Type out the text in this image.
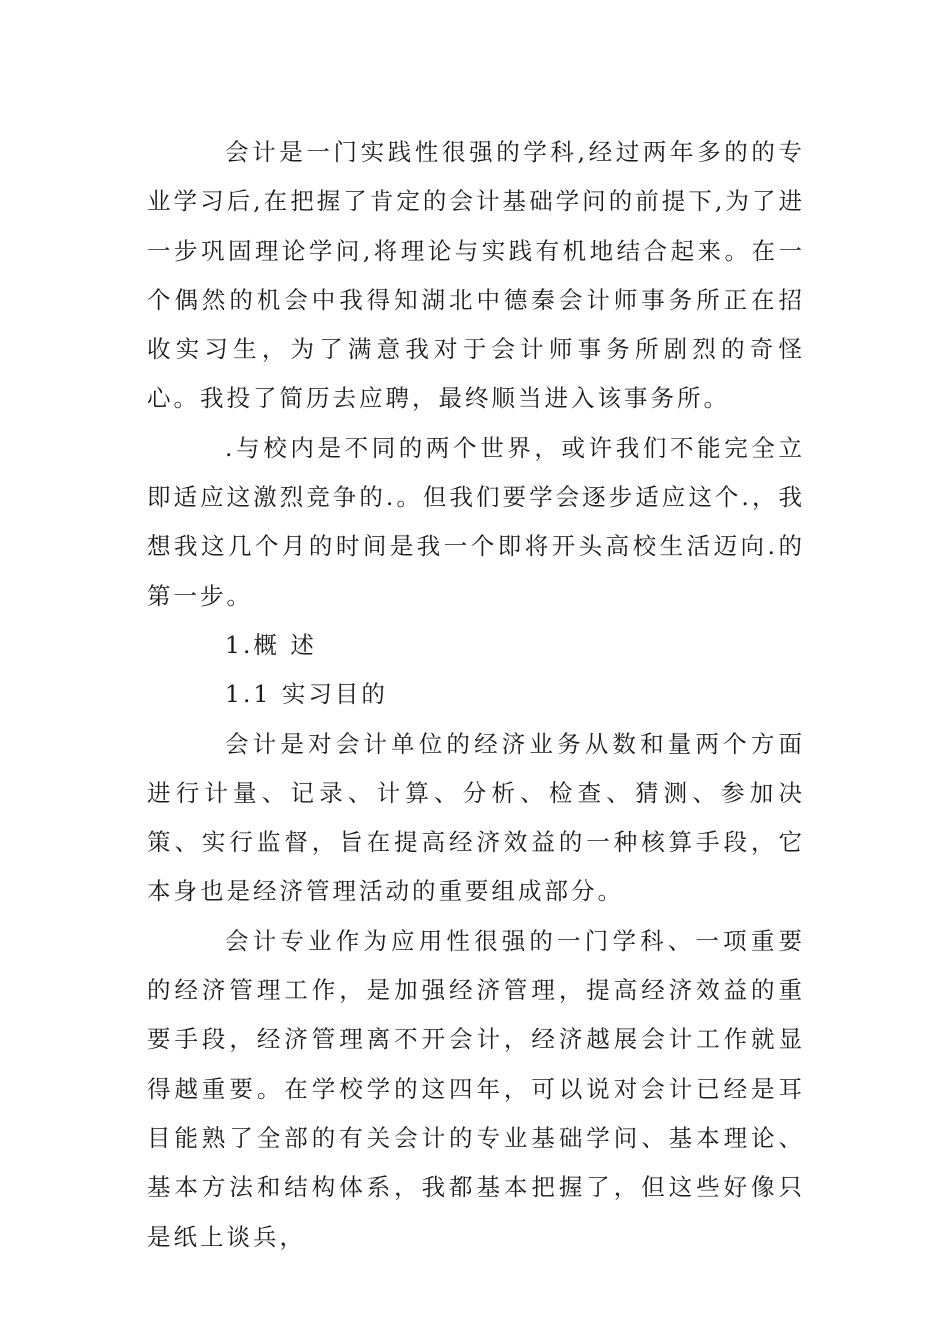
会计是一门实践性很强的学科,经过两年多的的专业学习后,在把握了肯定的会计基础学问的前提下,为了进一步巩固理论学问,将理论与实践有机地结合起来。在一个偶然的机会中我得知湖北中德秦会计师事务所正在招收实习生，为了满意我对于会计师事务所剧烈的奇怪心。我投了简历去应聘，最终顺当进入该事务所。

.与校内是不同的两个世界，或许我们不能完全立即适应这激烈竞争的.。但我们要学会逐步适应这个.，我想我这几个月的时间是我一个即将开头高校生活迈向.的第一步。

1.概 述

1.1 实习目的

会计是对会计单位的经济业务从数和量两个方面进行计量、记录、计算、分析、检查、猜测、参加决策、实行监督，旨在提高经济效益的一种核算手段，它本身也是经济管理活动的重要组成部分。

会计专业作为应用性很强的一门学科、一项重要的经济管理工作，是加强经济管理，提高经济效益的重要手段，经济管理离不开会计，经济越展会计工作就显得越重要。在学校学的这四年，可以说对会计已经是耳目能熟了全部的有关会计的专业基础学问、基本理论、基本方法和结构体系，我都基本把握了，但这些好像只是纸上谈兵，
